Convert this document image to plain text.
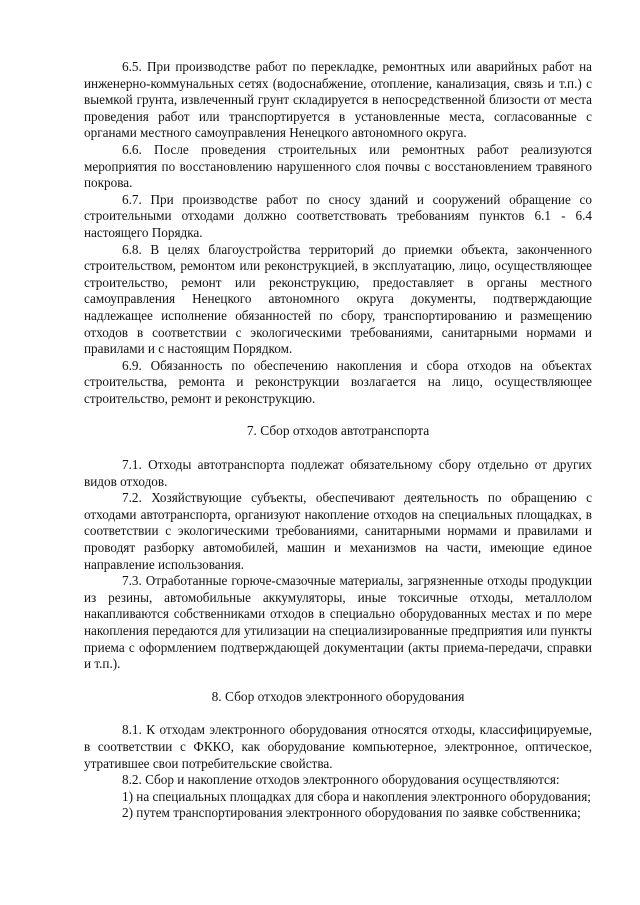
6.5. При производстве работ по перекладке, ремонтных или аварийных работ на инженерно-коммунальных сетях (водоснабжение, отопление, канализация, связь и т.п.) с выемкой грунта, извлеченный грунт складируется в непосредственной близости от места проведения работ или транспортируется в установленные места, согласованные с органами местного самоуправления Ненецкого автономного округа.

6.6. После проведения строительных или ремонтных работ реализуются мероприятия по восстановлению нарушенного слоя почвы с восстановлением травяного покрова.

6.7. При производстве работ по сносу зданий и сооружений обращение со строительными отходами должно соответствовать требованиям пунктов 6.1 - 6.4 настоящего Порядка.

6.8. В целях благоустройства территорий до приемки объекта, законченного строительством, ремонтом или реконструкцией, в эксплуатацию, лицо, осуществляющее строительство, ремонт или реконструкцию, предоставляет в органы местного самоуправления Ненецкого автономного округа документы, подтверждающие надлежащее исполнение обязанностей по сбору, транспортированию и размещению отходов в соответствии с экологическими требованиями, санитарными нормами и правилами и с настоящим Порядком.

6.9. Обязанность по обеспечению накопления и сбора отходов на объектах строительства, ремонта и реконструкции возлагается на лицо, осуществляющее строительство, ремонт и реконструкцию.

7. Сбор отходов автотранспорта

7.1. Отходы автотранспорта подлежат обязательному сбору отдельно от других видов отходов.

7.2. Хозяйствующие субъекты, обеспечивают деятельность по обращению с отходами автотранспорта, организуют накопление отходов на специальных площадках, в соответствии с экологическими требованиями, санитарными нормами и правилами и проводят разборку автомобилей, машин и механизмов на части, имеющие единое направление использования.

7.3. Отработанные горюче-смазочные материалы, загрязненные отходы продукции из резины, автомобильные аккумуляторы, иные токсичные отходы, металлолом накапливаются собственниками отходов в специально оборудованных местах и по мере накопления передаются для утилизации на специализированные предприятия или пункты приема с оформлением подтверждающей документации (акты приема-передачи, справки и т.п.).

8. Сбор отходов электронного оборудования

8.1. К отходам электронного оборудования относятся отходы, классифицируемые, в соответствии с ФККО, как оборудование компьютерное, электронное, оптическое, утратившее свои потребительские свойства.

8.2. Сбор и накопление отходов электронного оборудования осуществляются:

1) на специальных площадках для сбора и накопления электронного оборудования;

2) путем транспортирования электронного оборудования по заявке собственника;
